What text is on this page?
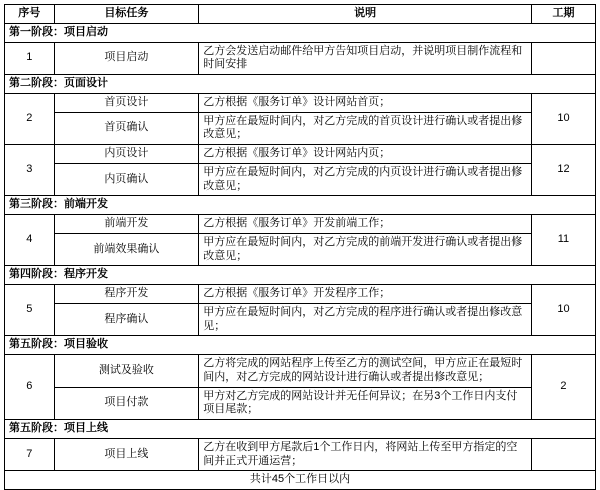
序号	目标任务	说明	工期
第一阶段：项目启动			
1	项目启动	乙方会发送启动邮件给甲方告知项目启动，并说明项目制作流程和时间安排	
第二阶段：页面设计			
2	首页设计	乙方根据《服务订单》设计网站首页；	10
	首页确认	甲方应在最短时间内，对乙方完成的首页设计进行确认或者提出修改意见；	
3	内页设计	乙方根据《服务订单》设计网站内页；	12
	内页确认	甲方应在最短时间内，对乙方完成的内页设计进行确认或者提出修改意见；	
第三阶段：前端开发			
4	前端开发	乙方根据《服务订单》开发前端工作；	11
	前端效果确认	甲方应在最短时间内，对乙方完成的前端开发进行确认或者提出修改意见；	
第四阶段：程序开发			
5	程序开发	乙方根据《服务订单》开发程序工作；	10
	程序确认	甲方应在最短时间内，对乙方完成的程序进行确认或者提出修改意见；	
第五阶段：项目验收			
6	测试及验收	乙方将完成的网站程序上传至乙方的测试空间，甲方应正在最短时间内，对乙方完成的网站设计进行确认或者提出修改意见；	2
	项目付款	甲方对乙方完成的网站设计并无任何异议；在另3个工作日内支付项目尾款；	
第五阶段：项目上线			
7	项目上线	乙方在收到甲方尾款后1个工作日内，将网站上传至甲方指定的空间并正式开通运营；	
共计45个工作日以内			
